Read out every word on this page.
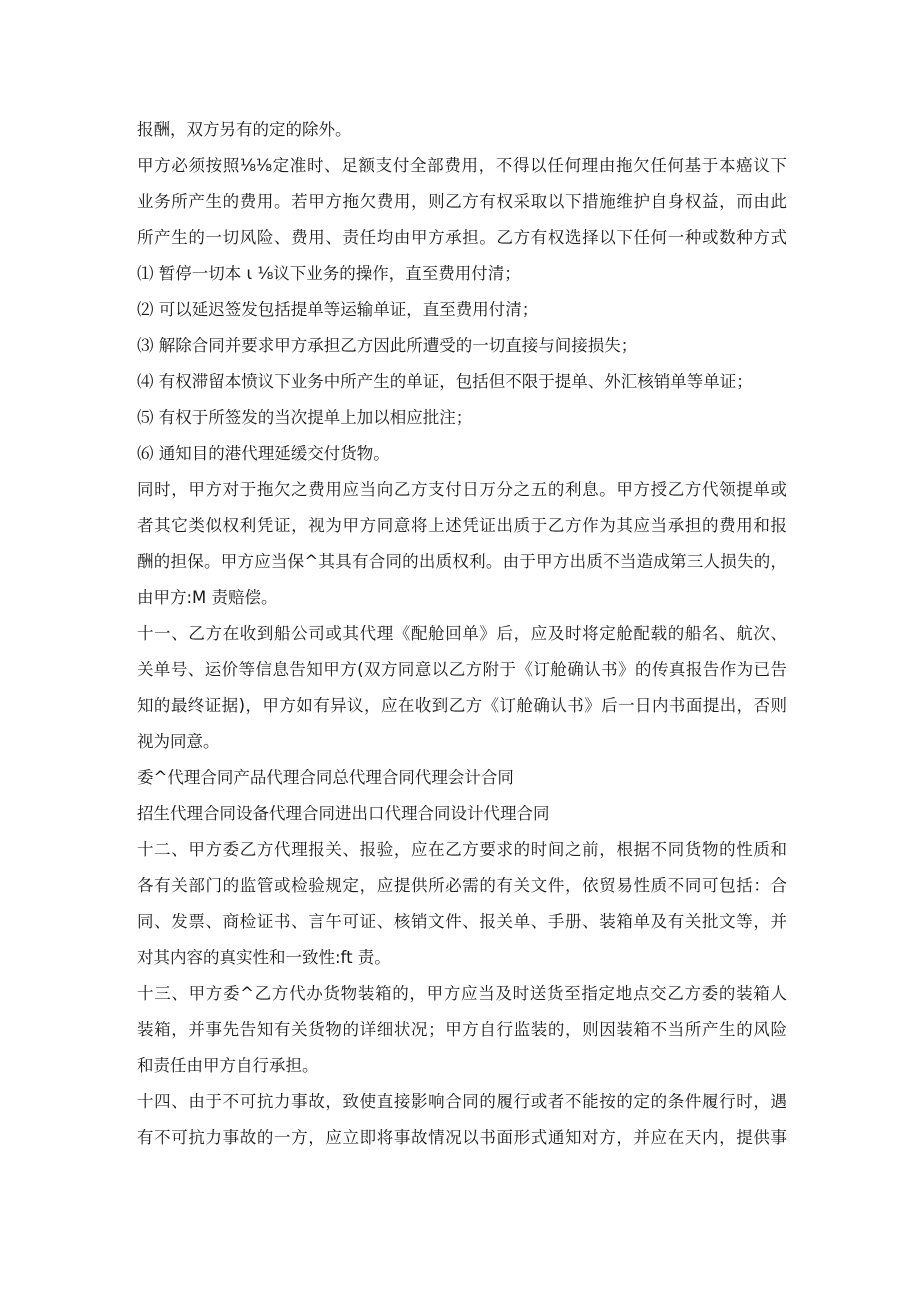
报酬，双方另有的定的除外。
甲方必须按照⅛⅛定准时、足额支付全部费用，不得以任何理由拖欠任何基于本癌议下
业务所产生的费用。若甲方拖欠费用，则乙方有权采取以下措施维护自身权益，而由此
所产生的一切风险、费用、责任均由甲方承担。乙方有权选择以下任何一种或数种方式
⑴ 暂停一切本 ι ⅛议下业务的操作，直至费用付清；
⑵ 可以延迟签发包括提单等运输单证，直至费用付清；
⑶ 解除合同并要求甲方承担乙方因此所遭受的一切直接与间接损失；
⑷ 有权滞留本愤议下业务中所产生的单证，包括但不限于提单、外汇核销单等单证；
⑸ 有权于所签发的当次提单上加以相应批注；
⑹ 通知目的港代理延缓交付货物。
同时，甲方对于拖欠之费用应当向乙方支付日万分之五的利息。甲方授乙方代领提单或
者其它类似权利凭证，视为甲方同意将上述凭证出质于乙方作为其应当承担的费用和报
酬的担保。甲方应当保^其具有合同的出质权利。由于甲方出质不当造成第三人损失的，
由甲方:M 责赔偿。
十一、乙方在收到船公司或其代理《配舱回单》后，应及时将定舱配载的船名、航次、
关单号、运价等信息告知甲方(双方同意以乙方附于《订舱确认书》的传真报告作为已告
知的最终证据)，甲方如有异议，应在收到乙方《订舱确认书》后一日内书面提出，否则
视为同意。
委^代理合同产品代理合同总代理合同代理会计合同
招生代理合同设备代理合同进出口代理合同设计代理合同
十二、甲方委乙方代理报关、报验，应在乙方要求的时间之前，根据不同货物的性质和
各有关部门的监管或检验规定，应提供所必需的有关文件，依贸易性质不同可包括：合
同、发票、商检证书、言午可证、核销文件、报关单、手册、装箱单及有关批文等，并
对其内容的真实性和一致性:ft 责。
十三、甲方委^乙方代办货物装箱的，甲方应当及时送货至指定地点交乙方委的装箱人
装箱，并事先告知有关货物的详细状况；甲方自行监装的，则因装箱不当所产生的风险
和责任由甲方自行承担。
十四、由于不可抗力事故，致使直接影响合同的履行或者不能按的定的条件履行时，遇
有不可抗力事故的一方，应立即将事故情况以书面形式通知对方，并应在天内，提供事
